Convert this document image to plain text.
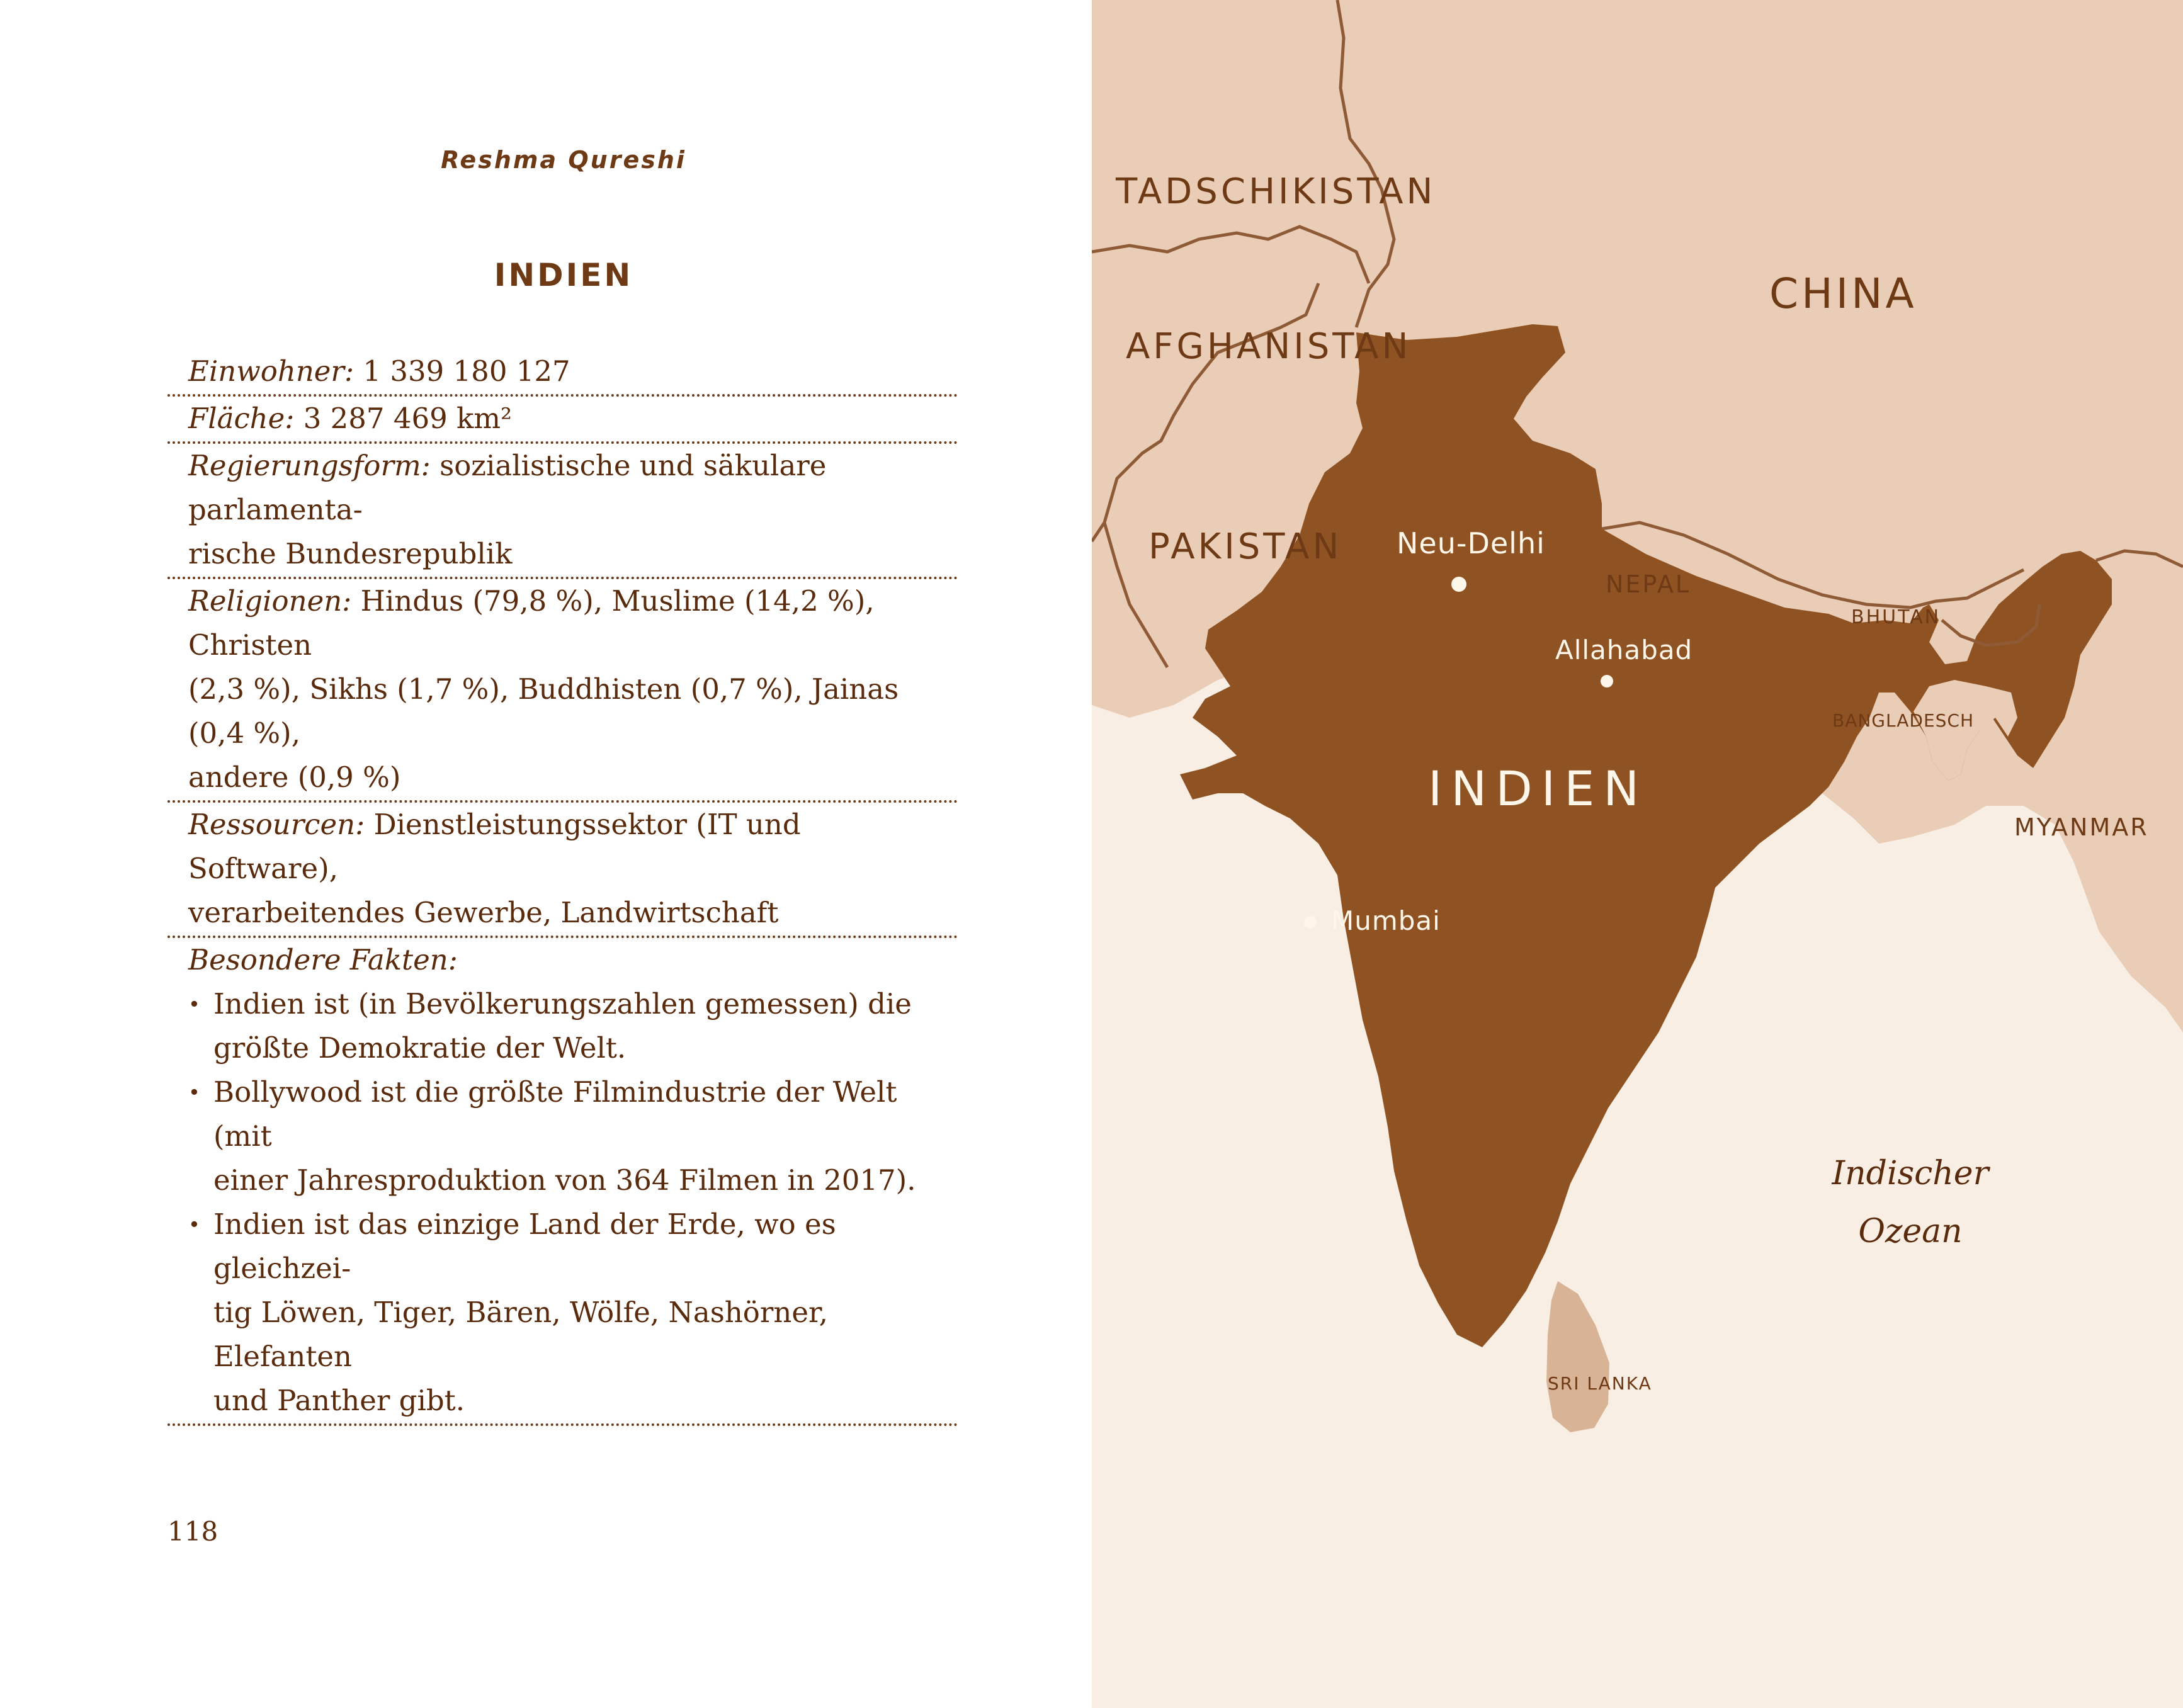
Reshma Qureshi
INDIEN
Einwohner: 1 339 180 127
Fläche: 3 287 469 km²
Regierungsform: sozialistische und säkulare parlamenta-
rische Bundesrepublik
Religionen: Hindus (79,8 %), Muslime (14,2 %), Christen
(2,3 %), Sikhs (1,7 %), Buddhisten (0,7 %), Jainas (0,4 %),
andere (0,9 %)
Ressourcen: Dienstleistungssektor (IT und Software),
verarbeitendes Gewerbe, Landwirtschaft
Besondere Fakten:
• Indien ist (in Bevölkerungszahlen gemessen) die
größte Demokratie der Welt.
• Bollywood ist die größte Filmindustrie der Welt (mit
einer Jahresproduktion von 364 Filmen in 2017).
• Indien ist das einzige Land der Erde, wo es gleichzei-
tig Löwen, Tiger, Bären, Wölfe, Nashörner, Elefanten
und Panther gibt.
118
TADSCHIKISTAN
AFGHANISTAN
CHINA
PAKISTAN
NEPAL
BHUTAN
BANGLADESCH
MYANMAR
SRI LANKA
INDIEN
Neu-Delhi
Allahabad
Mumbai
Indischer
Ozean
